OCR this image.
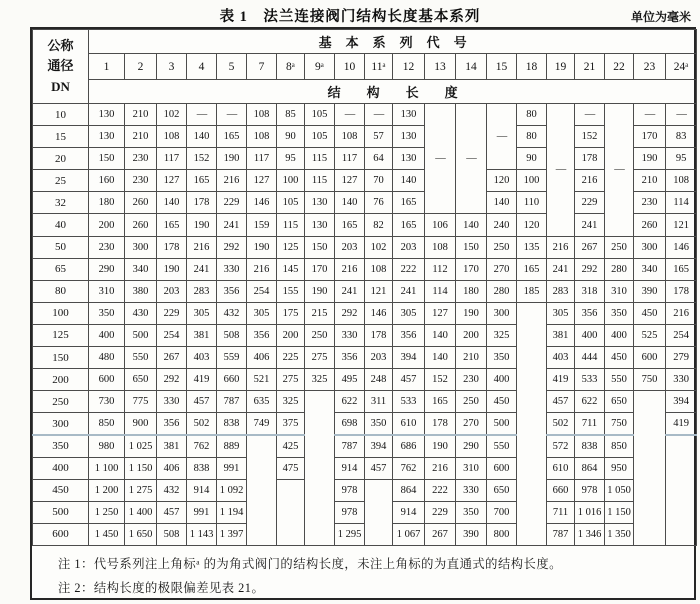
表 1　法兰连接阀门结构长度基本系列	单位为毫米
公称
通径
DN	基本系列代号																			
	1	2	3	4	5	7	8ᵃ	9ᵃ	10	11ᵃ	12	13	14	15	18	19	21	22	23	24ᵃ
	结构长度																			
10	130	210	102	—	—	108	85	105	—	—	130	—	—	—	80	—	—	—	—	—
15	130	210	108	140	165	108	90	105	108	57	130				80		152		170	83
20	150	230	117	152	190	117	95	115	117	64	130				90		178		190	95
25	160	230	127	165	216	127	100	115	127	70	140			120	100		216		210	108
32	180	260	140	178	229	146	105	130	140	76	165			140	110		229		230	114
40	200	260	165	190	241	159	115	130	165	82	165	106	140	240	120		241		260	121
50	230	300	178	216	292	190	125	150	203	102	203	108	150	250	135	216	267	250	300	146
65	290	340	190	241	330	216	145	170	216	108	222	112	170	270	165	241	292	280	340	165
80	310	380	203	283	356	254	155	190	241	121	241	114	180	280	185	283	318	310	390	178
100	350	430	229	305	432	305	175	215	292	146	305	127	190	300		305	356	350	450	216
125	400	500	254	381	508	356	200	250	330	178	356	140	200	325		381	400	400	525	254
150	480	550	267	403	559	406	225	275	356	203	394	140	210	350		403	444	450	600	279
200	600	650	292	419	660	521	275	325	495	248	457	152	230	400		419	533	550	750	330
250	730	775	330	457	787	635	325		622	311	533	165	250	450		457	622	650		394
300	850	900	356	502	838	749	375		698	350	610	178	270	500		502	711	750		419
350	980	1 025	381	762	889		425		787	394	686	190	290	550		572	838	850		
400	1 100	1 150	406	838	991		475		914	457	762	216	310	600		610	864	950		
450	1 200	1 275	432	914	1 092				978		864	222	330	650		660	978	1 050		
500	1 250	1 400	457	991	1 194				978		914	229	350	700		711	1 016	1 150		
600	1 450	1 650	508	1 143	1 397				1 295		1 067	267	390	800		787	1 346	1 350		
注 1：代号系列注上角标ᵃ 的为角式阀门的结构长度，未注上角标的为直通式的结构长度。
注 2：结构长度的极限偏差见表 21。
